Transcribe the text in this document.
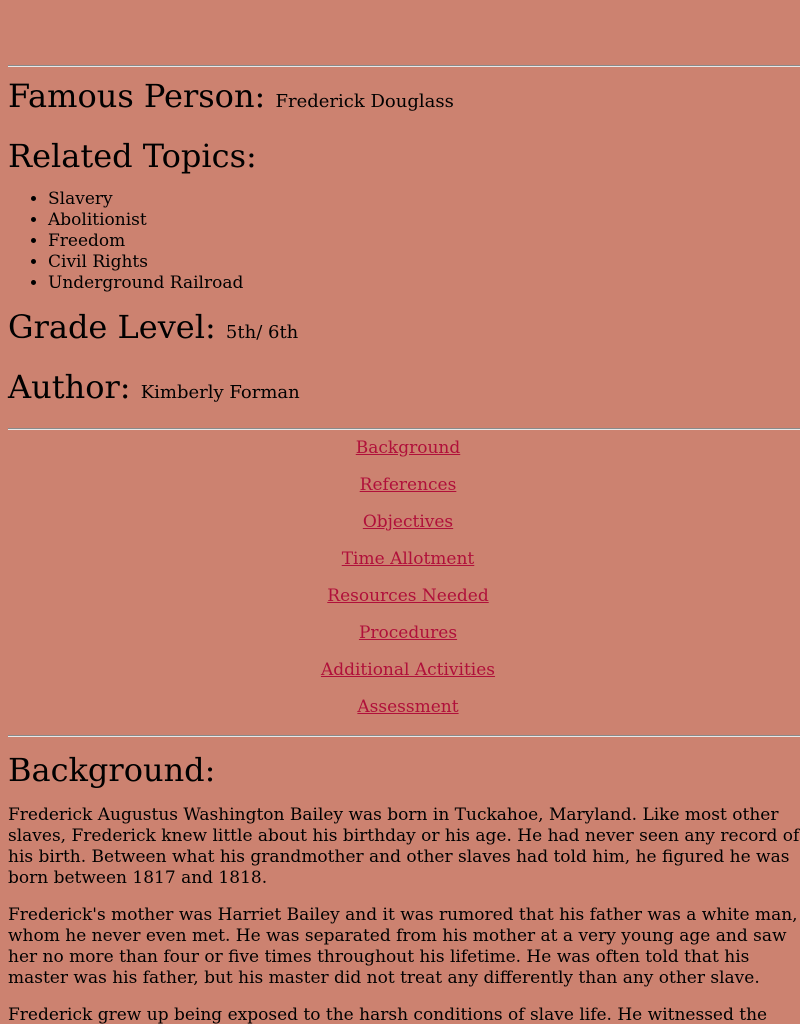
Famous Person: Frederick Douglass
Related Topics:
• Slavery
• Abolitionist
• Freedom
• Civil Rights
• Underground Railroad
Grade Level: 5th/ 6th
Author: Kimberly Forman
Background
References
Objectives
Time Allotment
Resources Needed
Procedures
Additional Activities
Assessment
Background:

Frederick Augustus Washington Bailey was born in Tuckahoe, Maryland. Like most other slaves, Frederick knew little about his birthday or his age. He had never seen any record of his birth. Between what his grandmother and other slaves had told him, he figured he was born between 1817 and 1818.

Frederick's mother was Harriet Bailey and it was rumored that his father was a white man, whom he never even met. He was separated from his mother at a very young age and saw her no more than four or five times throughout his lifetime. He was often told that his master was his father, but his master did not treat any differently than any other slave.

Frederick grew up being exposed to the harsh conditions of slave life. He witnessed the
